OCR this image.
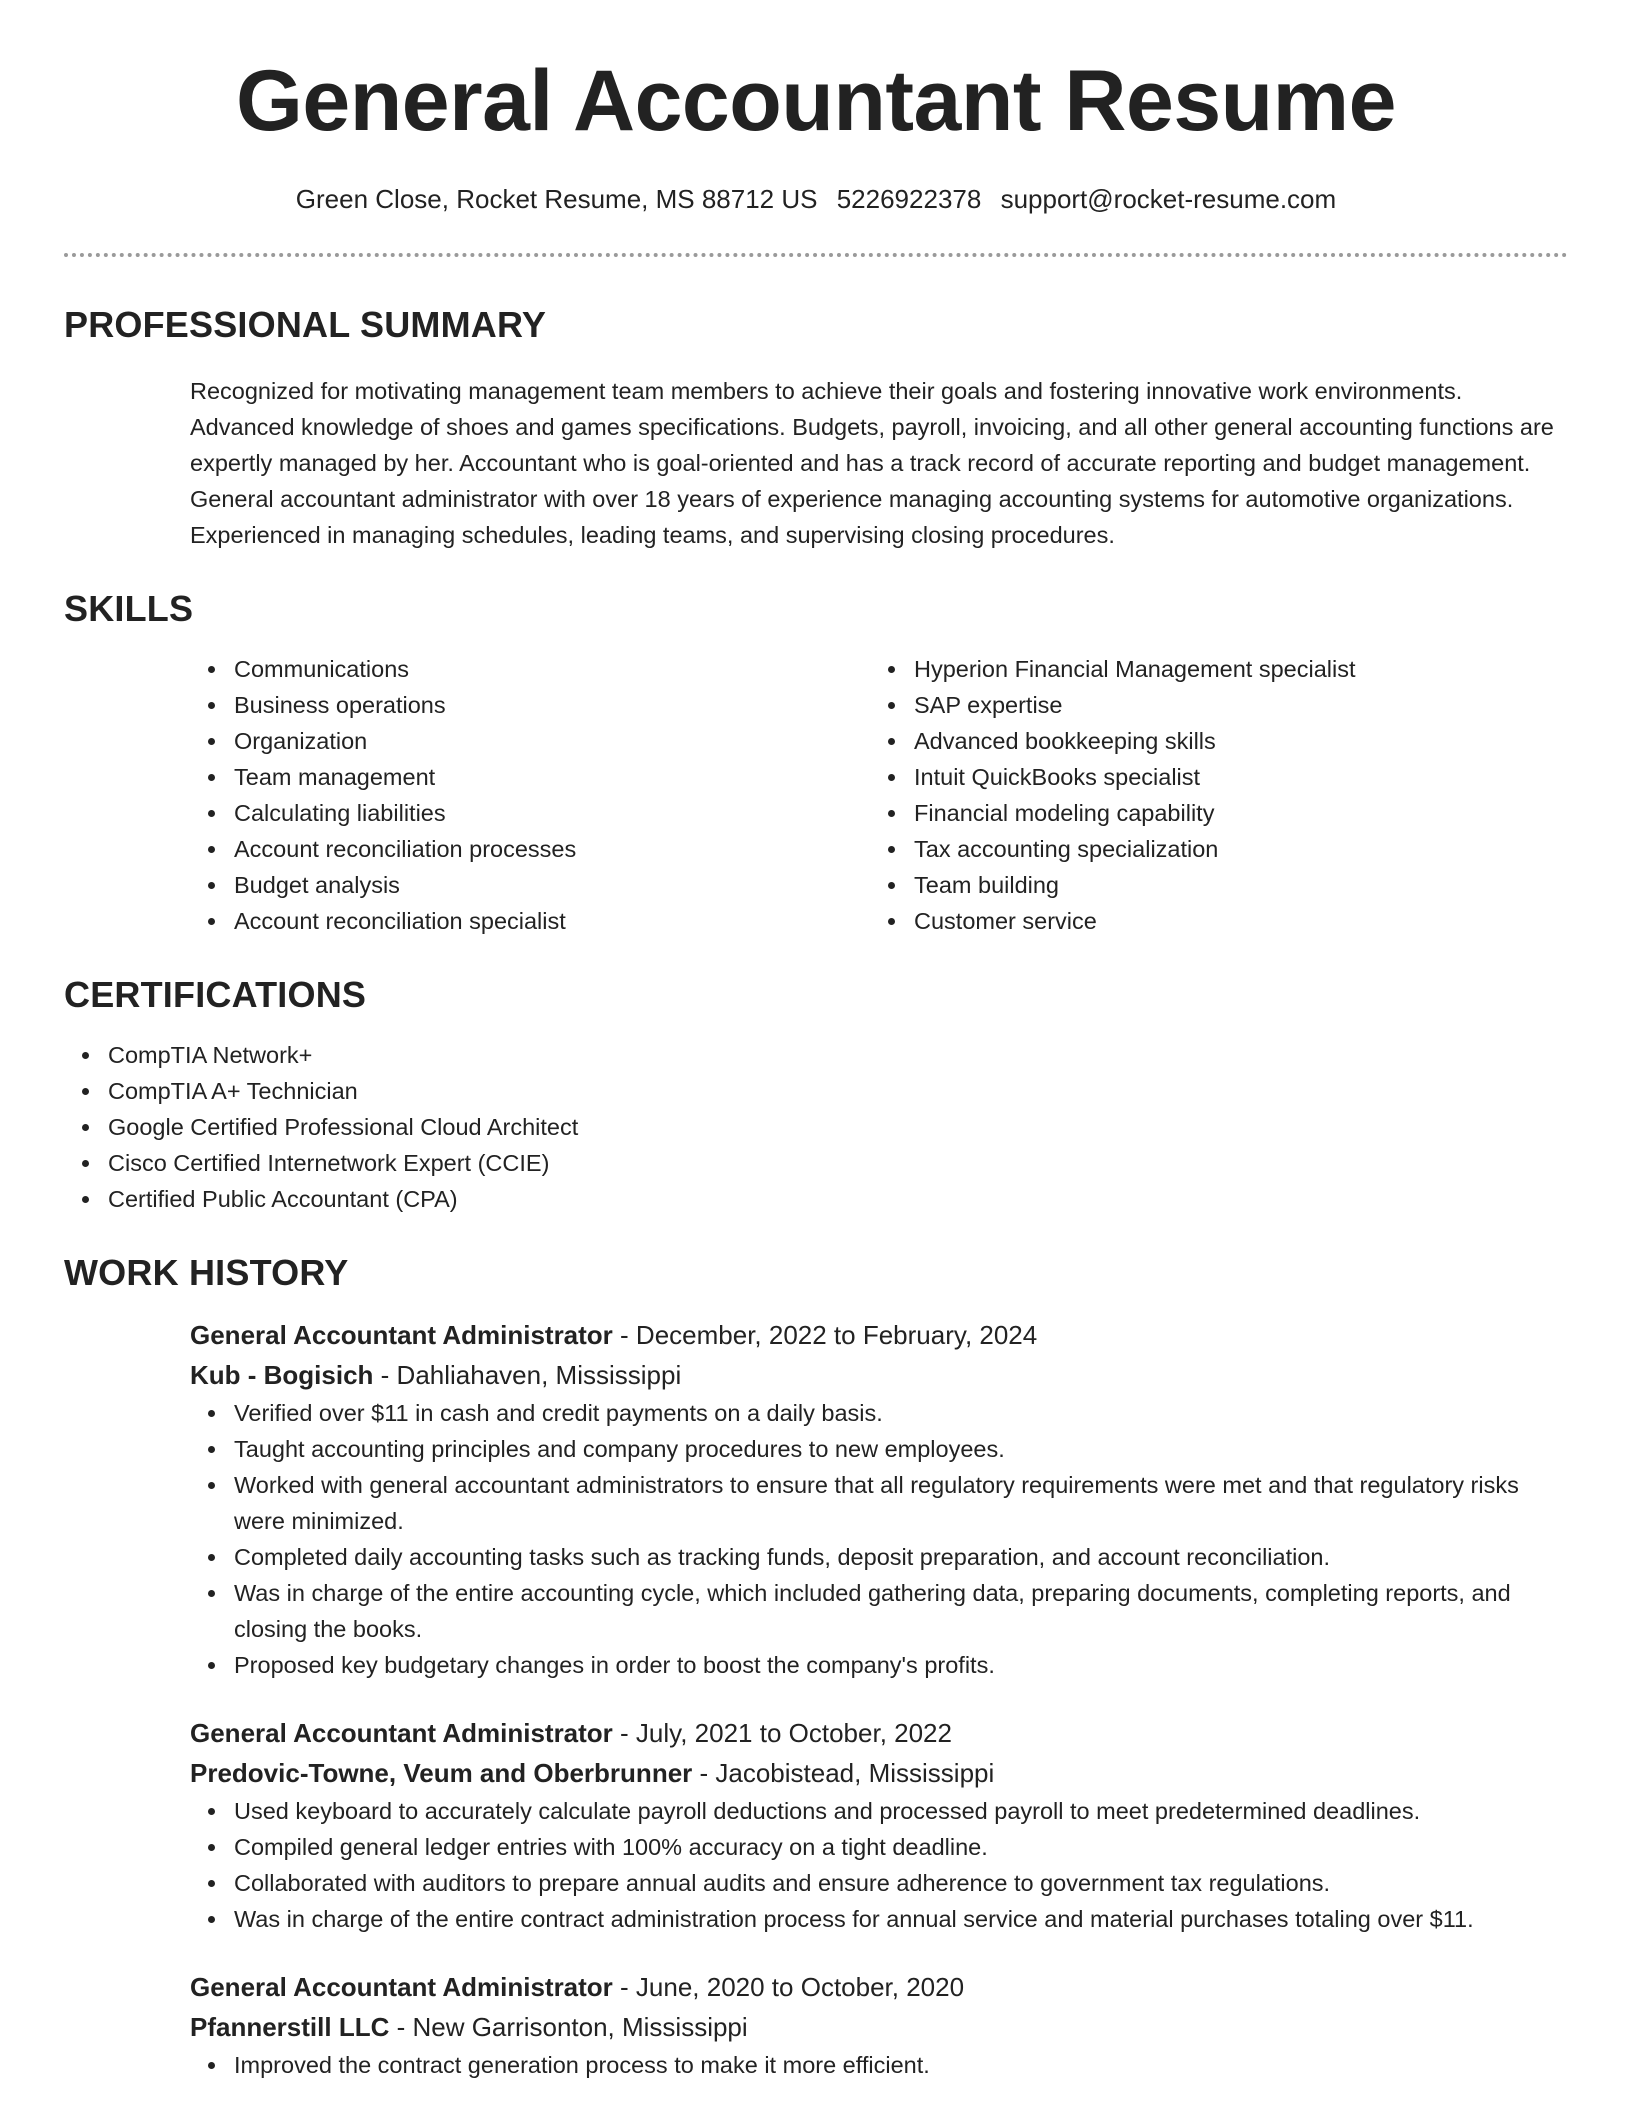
General Accountant Resume
Green Close, Rocket Resume, MS 88712 US 5226922378 support@rocket-resume.com
PROFESSIONAL SUMMARY

Recognized for motivating management team members to achieve their goals and fostering innovative work environments. Advanced knowledge of shoes and games specifications. Budgets, payroll, invoicing, and all other general accounting functions are expertly managed by her. Accountant who is goal-oriented and has a track record of accurate reporting and budget management. General accountant administrator with over 18 years of experience managing accounting systems for automotive organizations. Experienced in managing schedules, leading teams, and supervising closing procedures.

SKILLS
Communications
Business operations
Organization
Team management
Calculating liabilities
Account reconciliation processes
Budget analysis
Account reconciliation specialist
Hyperion Financial Management specialist
SAP expertise
Advanced bookkeeping skills
Intuit QuickBooks specialist
Financial modeling capability
Tax accounting specialization
Team building
Customer service
CERTIFICATIONS
CompTIA Network+
CompTIA A+ Technician
Google Certified Professional Cloud Architect
Cisco Certified Internetwork Expert (CCIE)
Certified Public Accountant (CPA)
WORK HISTORY
General Accountant Administrator - December, 2022 to February, 2024
Kub - Bogisich - Dahliahaven, Mississippi
Verified over $11 in cash and credit payments on a daily basis.
Taught accounting principles and company procedures to new employees.
Worked with general accountant administrators to ensure that all regulatory requirements were met and that regulatory risks were minimized.
Completed daily accounting tasks such as tracking funds, deposit preparation, and account reconciliation.
Was in charge of the entire accounting cycle, which included gathering data, preparing documents, completing reports, and closing the books.
Proposed key budgetary changes in order to boost the company's profits.
General Accountant Administrator - July, 2021 to October, 2022
Predovic-Towne, Veum and Oberbrunner - Jacobistead, Mississippi
Used keyboard to accurately calculate payroll deductions and processed payroll to meet predetermined deadlines.
Compiled general ledger entries with 100% accuracy on a tight deadline.
Collaborated with auditors to prepare annual audits and ensure adherence to government tax regulations.
Was in charge of the entire contract administration process for annual service and material purchases totaling over $11.
General Accountant Administrator - June, 2020 to October, 2020
Pfannerstill LLC - New Garrisonton, Mississippi
Improved the contract generation process to make it more efficient.
